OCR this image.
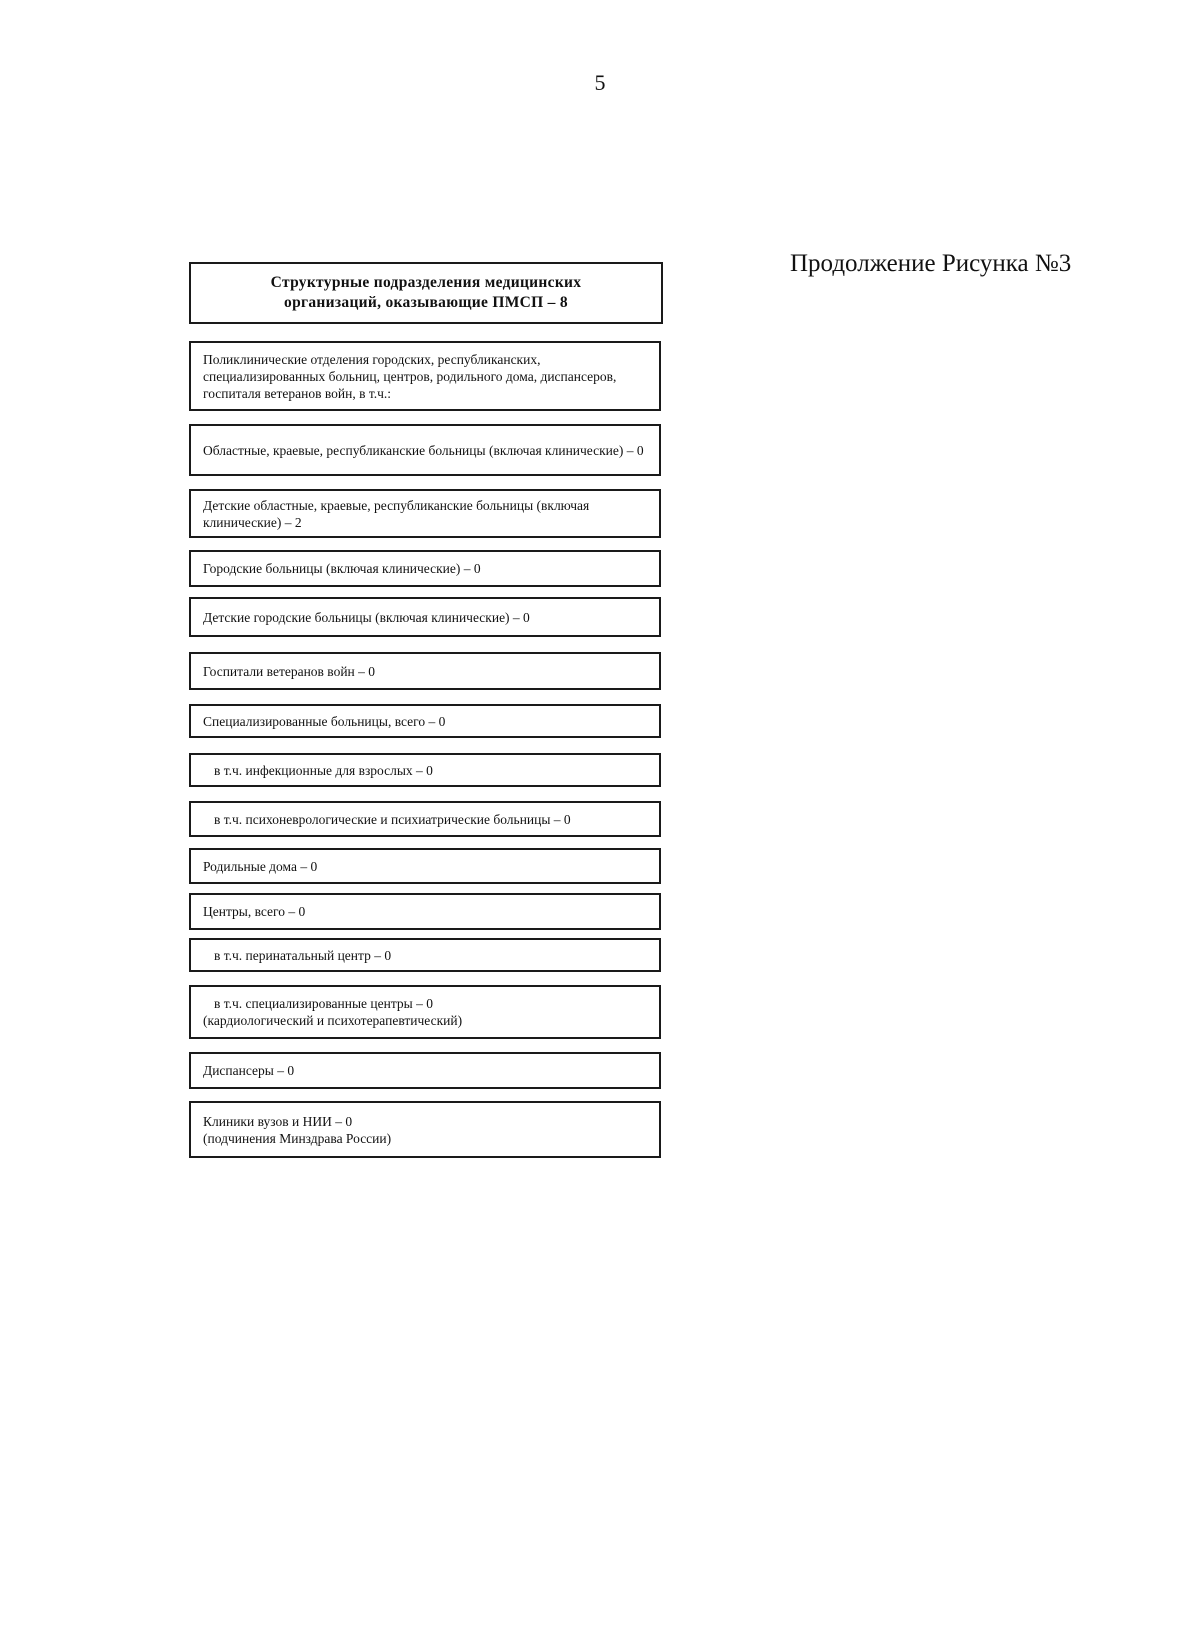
5
Продолжение Рисунка №3
Структурные подразделения медицинских организаций, оказывающие ПМСП – 8
Поликлинические отделения городских, республиканских, специализированных больниц, центров, родильного дома, диспансеров, госпиталя ветеранов войн, в т.ч.:
Областные, краевые, республиканские больницы (включая клинические) – 0
Детские областные, краевые, республиканские больницы (включая клинические) – 2
Городские больницы (включая клинические) – 0
Детские городские больницы (включая клинические) – 0
Госпитали ветеранов войн – 0
Специализированные больницы, всего – 0
в т.ч. инфекционные для взрослых – 0
в т.ч. психоневрологические и психиатрические больницы – 0
Родильные дома – 0
Центры, всего – 0
в т.ч. перинатальный центр – 0
в т.ч. специализированные центры – 0
(кардиологический и психотерапевтический)
Диспансеры – 0
Клиники вузов и НИИ – 0
(подчинения Минздрава России)
